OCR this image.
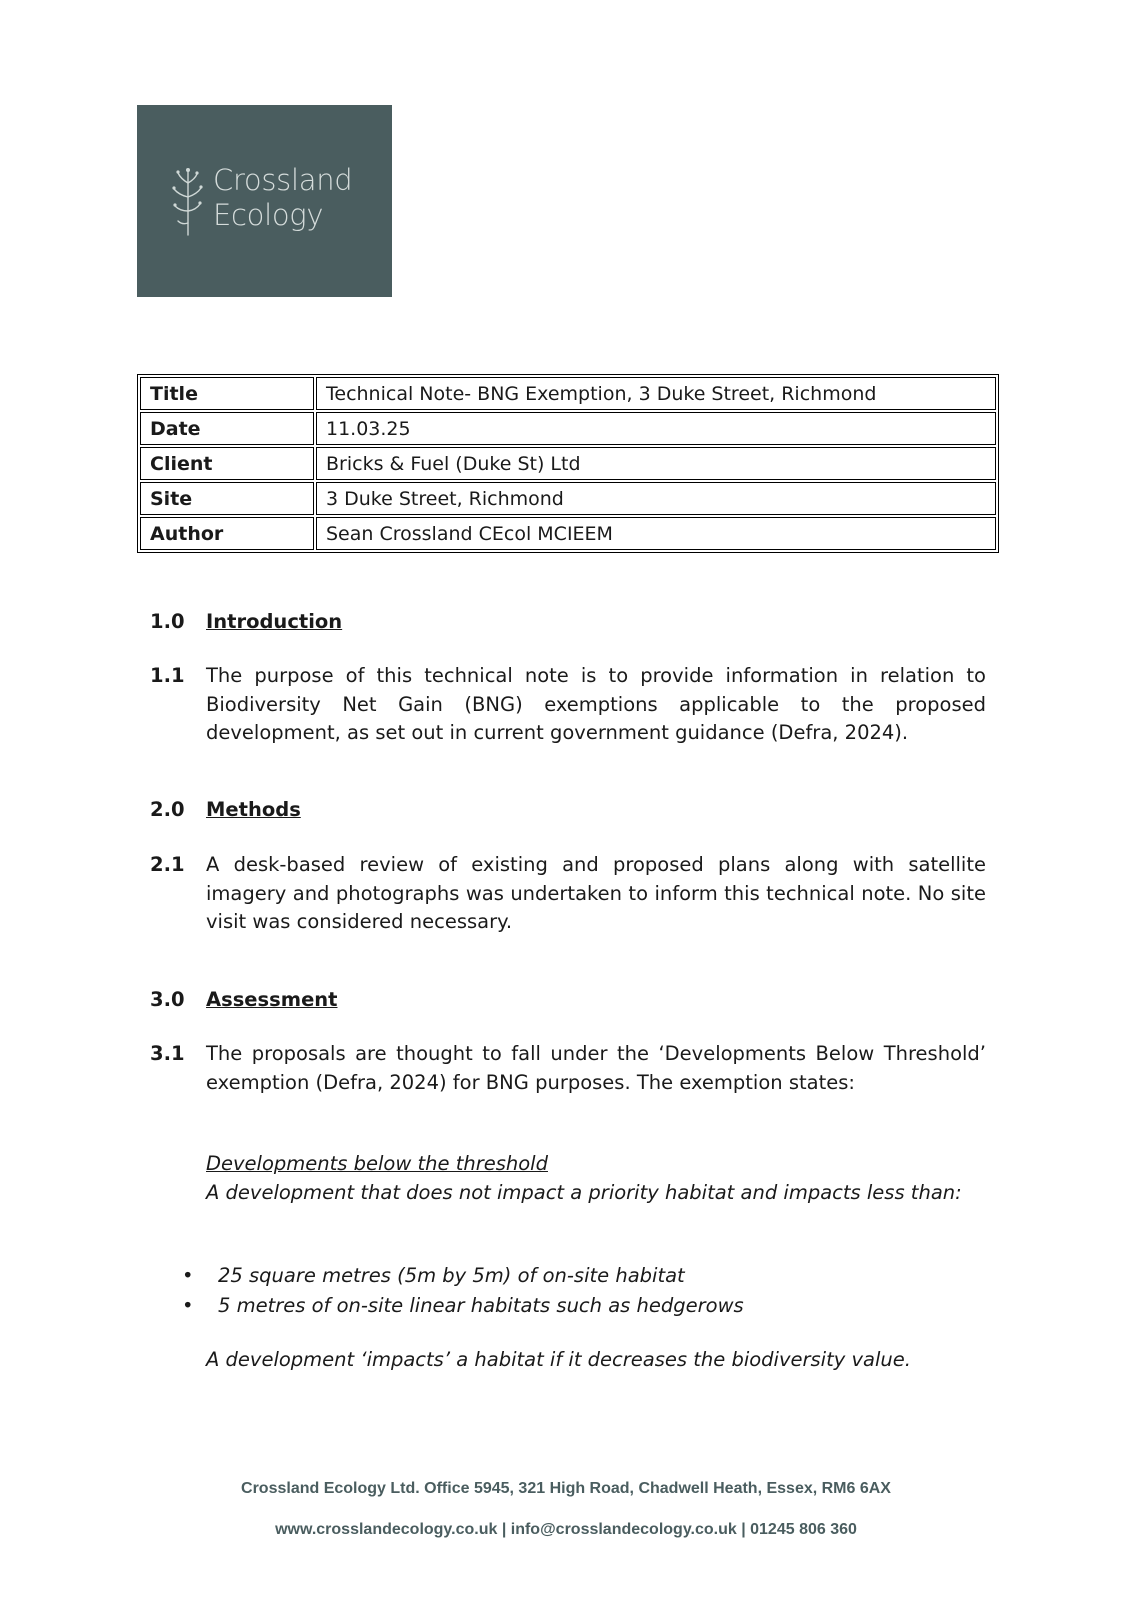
Crossland
Ecology
Title	Technical Note- BNG Exemption, 3 Duke Street, Richmond
Date	11.03.25
Client	Bricks & Fuel (Duke St) Ltd
Site	3 Duke Street, Richmond
Author	Sean Crossland CEcol MCIEEM
1.0	Introduction
1.1	The purpose of this technical note is to provide information in relation to Biodiversity Net Gain (BNG) exemptions applicable to the proposed development, as set out in current government guidance (Defra, 2024).
2.0	Methods
2.1	A desk-based review of existing and proposed plans along with satellite imagery and photographs was undertaken to inform this technical note. No site visit was considered necessary.
3.0	Assessment
3.1	The proposals are thought to fall under the ‘Developments Below Threshold’ exemption (Defra, 2024) for BNG purposes. The exemption states:
Developments below the threshold
A development that does not impact a priority habitat and impacts less than:
• 25 square metres (5m by 5m) of on-site habitat
• 5 metres of on-site linear habitats such as hedgerows
A development ‘impacts’ a habitat if it decreases the biodiversity value.
Crossland Ecology Ltd. Office 5945, 321 High Road, Chadwell Heath, Essex, RM6 6AX
www.crosslandecology.co.uk | info@crosslandecology.co.uk | 01245 806 360
